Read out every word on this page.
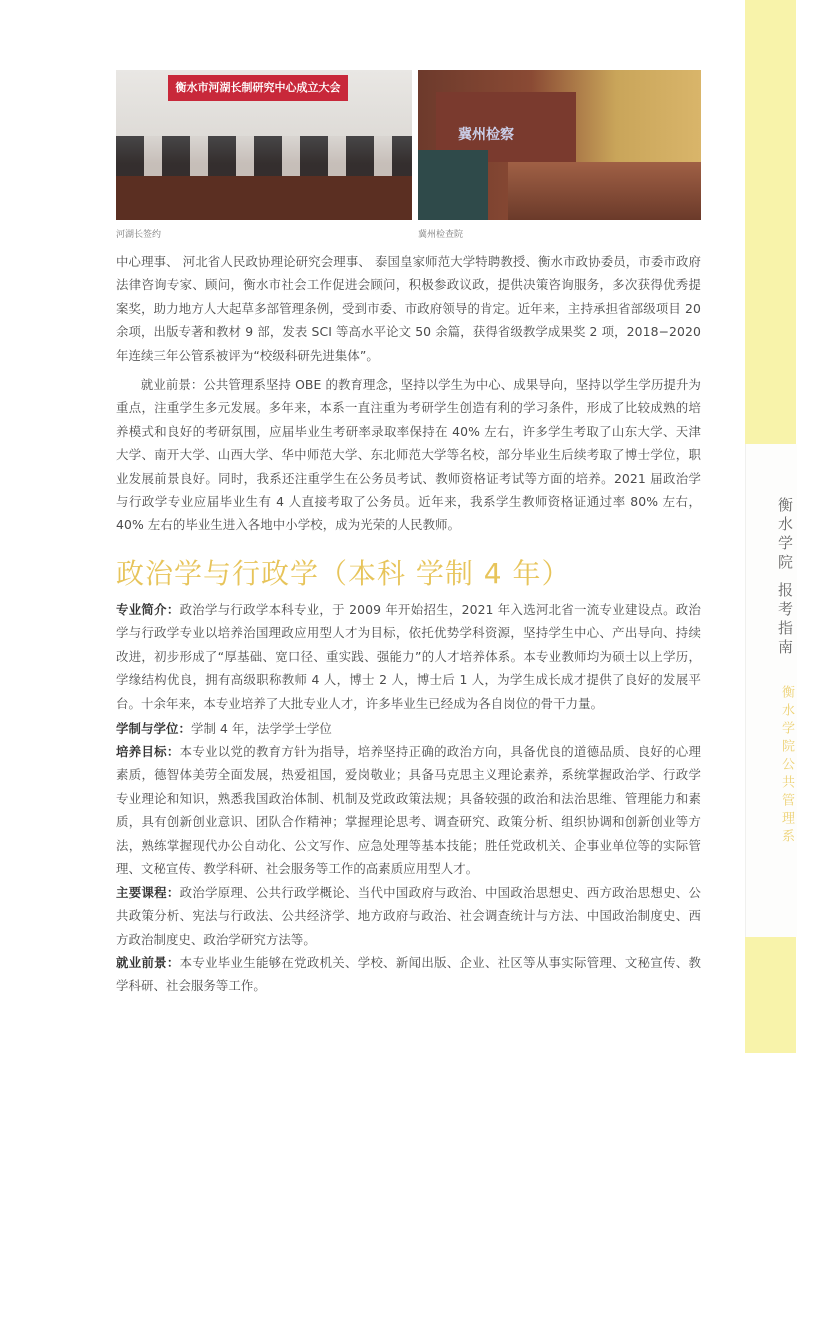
衡水市河湖长制研究中心成立大会
冀州检察
河湖长签约	冀州检查院
中心理事、 河北省人民政协理论研究会理事、 泰国皇家师范大学特聘教授、衡水市政协委员，市委市政府法律咨询专家、顾问，衡水市社会工作促进会顾问，积极参政议政，提供决策咨询服务，多次获得优秀提案奖，助力地方人大起草多部管理条例，受到市委、市政府领导的肯定。近年来，主持承担省部级项目 20 余项，出版专著和教材 9 部，发表 SCI 等高水平论文 50 余篇，获得省级教学成果奖 2 项，2018−2020 年连续三年公管系被评为“校级科研先进集体”。
就业前景：公共管理系坚持 OBE 的教育理念，坚持以学生为中心、成果导向，坚持以学生学历提升为重点，注重学生多元发展。多年来，本系一直注重为考研学生创造有利的学习条件，形成了比较成熟的培养模式和良好的考研氛围，应届毕业生考研率录取率保持在 40% 左右，许多学生考取了山东大学、天津大学、南开大学、山西大学、华中师范大学、东北师范大学等名校，部分毕业生后续考取了博士学位，职业发展前景良好。同时，我系还注重学生在公务员考试、教师资格证考试等方面的培养。2021 届政治学与行政学专业应届毕业生有 4 人直接考取了公务员。近年来，我系学生教师资格证通过率 80% 左右，40% 左右的毕业生进入各地中小学校，成为光荣的人民教师。
政治学与行政学（本科 学制 4 年）
专业简介：政治学与行政学本科专业，于 2009 年开始招生，2021 年入选河北省一流专业建设点。政治学与行政学专业以培养治国理政应用型人才为目标，依托优势学科资源，坚持学生中心、产出导向、持续改进，初步形成了“厚基础、宽口径、重实践、强能力”的人才培养体系。本专业教师均为硕士以上学历，学缘结构优良，拥有高级职称教师 4 人，博士 2 人，博士后 1 人，为学生成长成才提供了良好的发展平台。十余年来，本专业培养了大批专业人才，许多毕业生已经成为各自岗位的骨干力量。
学制与学位：学制 4 年，法学学士学位
培养目标：本专业以党的教育方针为指导，培养坚持正确的政治方向，具备优良的道德品质、良好的心理素质，德智体美劳全面发展，热爱祖国，爱岗敬业；具备马克思主义理论素养，系统掌握政治学、行政学专业理论和知识，熟悉我国政治体制、机制及党政政策法规；具备较强的政治和法治思维、管理能力和素质，具有创新创业意识、团队合作精神；掌握理论思考、调查研究、政策分析、组织协调和创新创业等方法，熟练掌握现代办公自动化、公文写作、应急处理等基本技能；胜任党政机关、企事业单位等的实际管理、文秘宣传、教学科研、社会服务等工作的高素质应用型人才。
主要课程：政治学原理、公共行政学概论、当代中国政府与政治、中国政治思想史、西方政治思想史、公共政策分析、宪法与行政法、公共经济学、地方政府与政治、社会调查统计与方法、中国政治制度史、西方政治制度史、政治学研究方法等。
就业前景：本专业毕业生能够在党政机关、学校、新闻出版、企业、社区等从事实际管理、文秘宣传、教学科研、社会服务等工作。
衡水学院 报考指南
衡水学院公共管理系
